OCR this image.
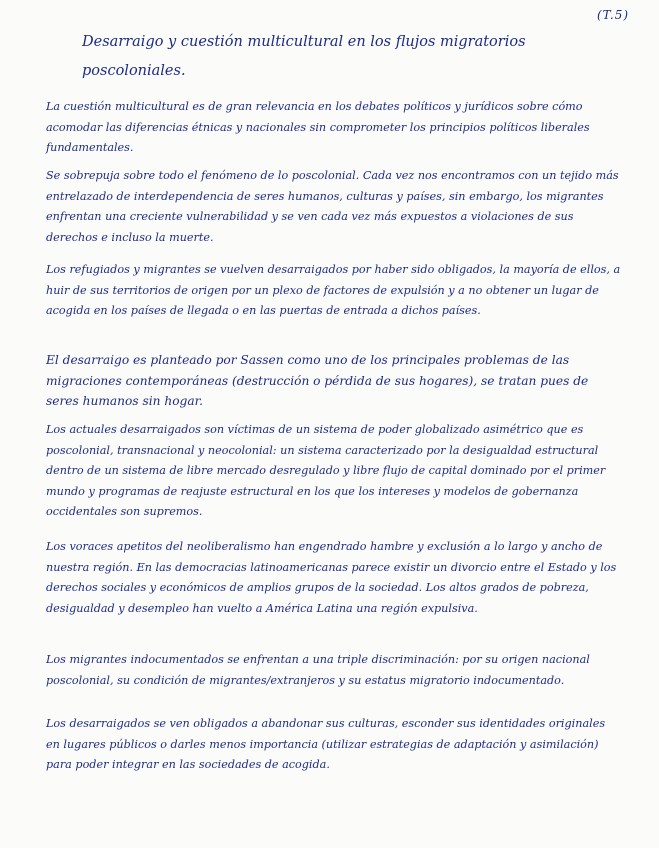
(T.5)
Desarraigo y cuestión multicultural en los flujos migratorios poscoloniales.

La cuestión multicultural es de gran relevancia en los debates políticos y jurídicos sobre cómo acomodar las diferencias étnicas y nacionales sin comprometer los principios políticos liberales fundamentales.

Se sobrepuja sobre todo el fenómeno de lo poscolonial. Cada vez nos encontramos con un tejido más entrelazado de interdependencia de seres humanos, culturas y países, sin embargo, los migrantes enfrentan una creciente vulnerabilidad y se ven cada vez más expuestos a violaciones de sus derechos e incluso la muerte.

Los refugiados y migrantes se vuelven desarraigados por haber sido obligados, la mayoría de ellos, a huir de sus territorios de origen por un plexo de factores de expulsión y a no obtener un lugar de acogida en los países de llegada o en las puertas de entrada a dichos países.

El desarraigo es planteado por Sassen como uno de los principales problemas de las migraciones contemporáneas (destrucción o pérdida de sus hogares), se tratan pues de seres humanos sin hogar.

Los actuales desarraigados son víctimas de un sistema de poder globalizado asimétrico que es poscolonial, transnacional y neocolonial: un sistema caracterizado por la desigualdad estructural dentro de un sistema de libre mercado desregulado y libre flujo de capital dominado por el primer mundo y programas de reajuste estructural en los que los intereses y modelos de gobernanza occidentales son supremos.

Los voraces apetitos del neoliberalismo han engendrado hambre y exclusión a lo largo y ancho de nuestra región. En las democracias latinoamericanas parece existir un divorcio entre el Estado y los derechos sociales y económicos de amplios grupos de la sociedad. Los altos grados de pobreza, desigualdad y desempleo han vuelto a América Latina una región expulsiva.

Los migrantes indocumentados se enfrentan a una triple discriminación: por su origen nacional poscolonial, su condición de migrantes/extranjeros y su estatus migratorio indocumentado.

Los desarraigados se ven obligados a abandonar sus culturas, esconder sus identidades originales en lugares públicos o darles menos importancia (utilizar estrategias de adaptación y asimilación) para poder integrar en las sociedades de acogida.
